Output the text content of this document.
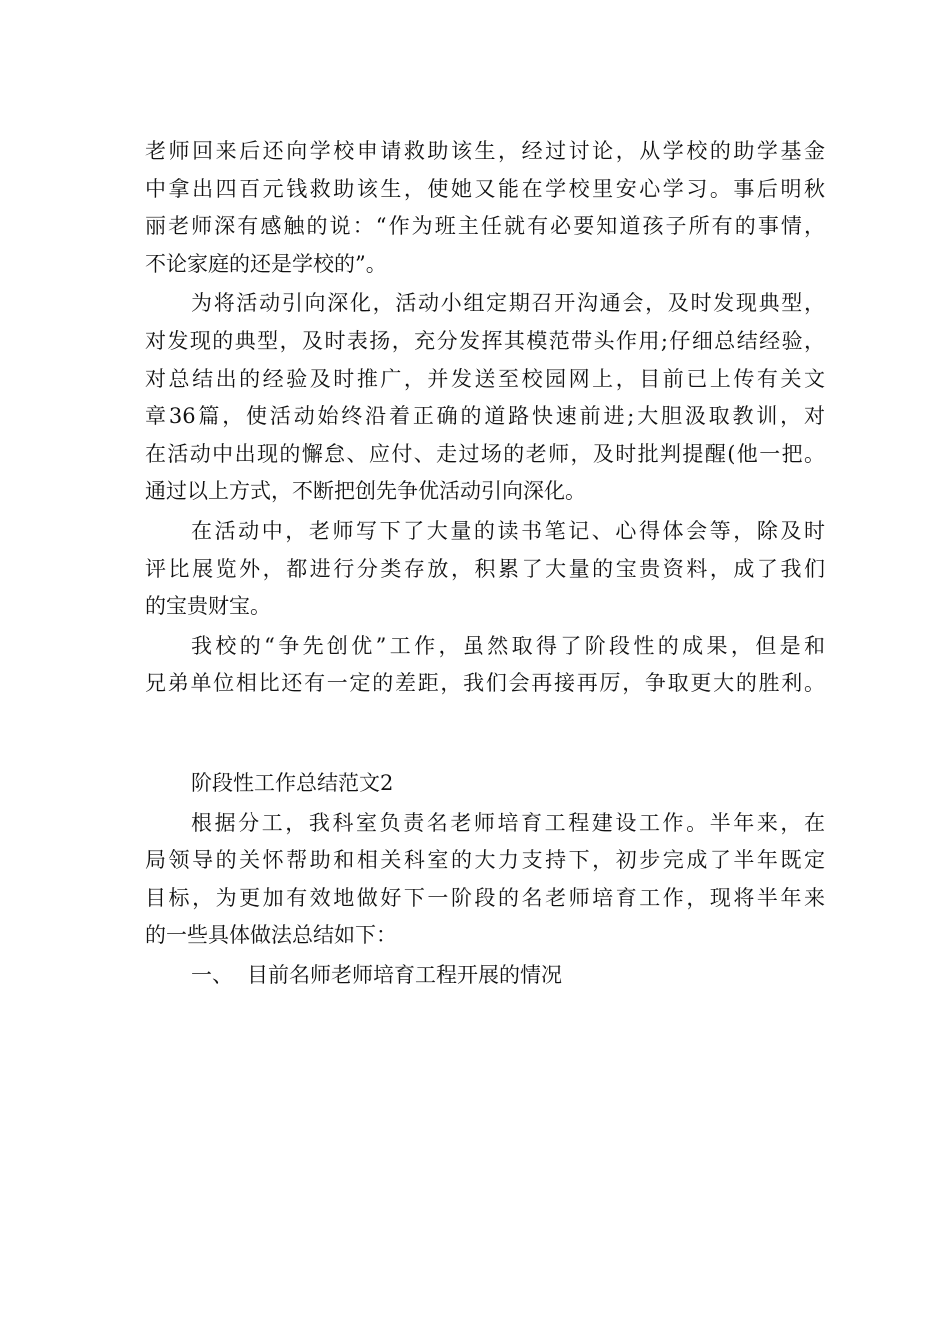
老师回来后还向学校申请救助该生，经过讨论，从学校的助学基金
中拿出四百元钱救助该生，使她又能在学校里安心学习。事后明秋
丽老师深有感触的说：“作为班主任就有必要知道孩子所有的事情，
不论家庭的还是学校的”。

为将活动引向深化，活动小组定期召开沟通会，及时发现典型，
对发现的典型，及时表扬，充分发挥其模范带头作用;仔细总结经验，
对总结出的经验及时推广，并发送至校园网上，目前已上传有关文
章36篇，使活动始终沿着正确的道路快速前进;大胆汲取教训，对
在活动中出现的懈怠、应付、走过场的老师，及时批判提醒(他一把。
通过以上方式，不断把创先争优活动引向深化。

在活动中，老师写下了大量的读书笔记、心得体会等，除及时
评比展览外，都进行分类存放，积累了大量的宝贵资料，成了我们
的宝贵财宝。

我校的“争先创优”工作，虽然取得了阶段性的成果，但是和
兄弟单位相比还有一定的差距，我们会再接再厉，争取更大的胜利。

阶段性工作总结范文2

根据分工，我科室负责名老师培育工程建设工作。半年来，在
局领导的关怀帮助和相关科室的大力支持下，初步完成了半年既定
目标，为更加有效地做好下一阶段的名老师培育工作，现将半年来
的一些具体做法总结如下：

一、 目前名师老师培育工程开展的情况
